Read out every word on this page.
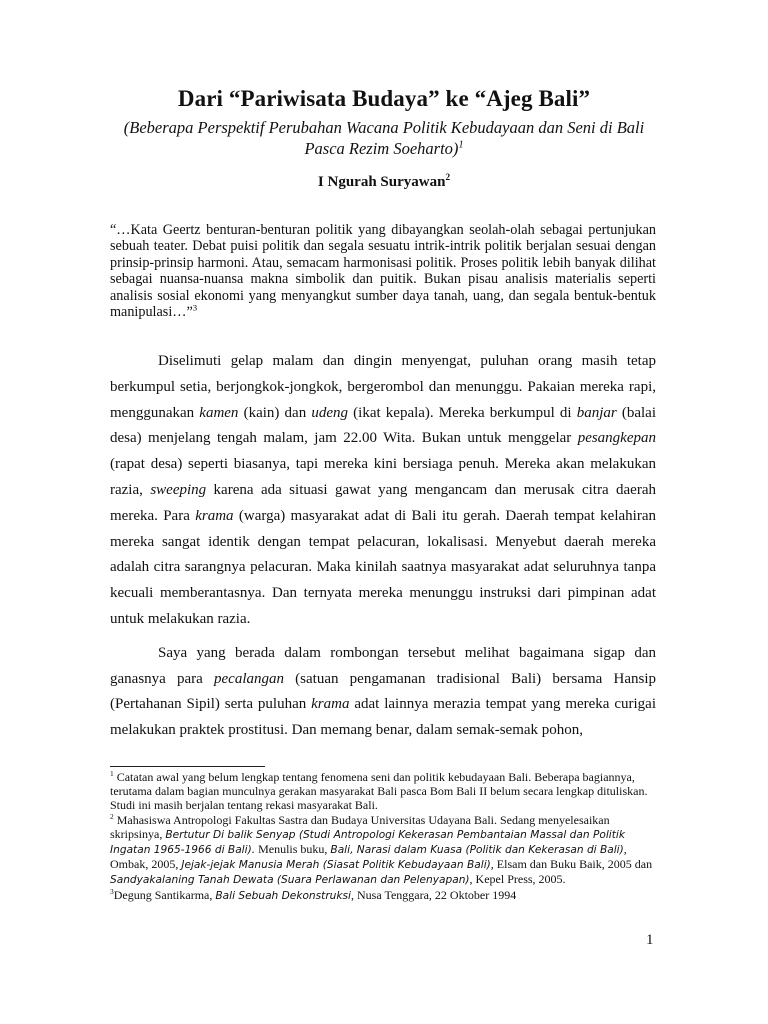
Dari “Pariwisata Budaya” ke “Ajeg Bali”

(Beberapa Perspektif Perubahan Wacana Politik Kebudayaan dan Seni di Bali Pasca Rezim Soeharto)$^1$

I Ngurah Suryawan$^2$

“…Kata Geertz benturan-benturan politik yang dibayangkan seolah-olah sebagai pertunjukan sebuah teater. Debat puisi politik dan segala sesuatu intrik-intrik politik berjalan sesuai dengan prinsip-prinsip harmoni. Atau, semacam harmonisasi politik. Proses politik lebih banyak dilihat sebagai nuansa-nuansa makna simbolik dan puitik. Bukan pisau analisis materialis seperti analisis sosial ekonomi yang menyangkut sumber daya tanah, uang, dan segala bentuk-bentuk manipulasi…”$^3$

Diselimuti gelap malam dan dingin menyengat, puluhan orang masih tetap berkumpul setia, berjongkok-jongkok, bergerombol dan menunggu. Pakaian mereka rapi, menggunakan kamen (kain) dan udeng (ikat kepala). Mereka berkumpul di banjar (balai desa) menjelang tengah malam, jam 22.00 Wita. Bukan untuk menggelar pesangkepan (rapat desa) seperti biasanya, tapi mereka kini bersiaga penuh. Mereka akan melakukan razia, sweeping karena ada situasi gawat yang mengancam dan merusak citra daerah mereka. Para krama (warga) masyarakat adat di Bali itu gerah. Daerah tempat kelahiran mereka sangat identik dengan tempat pelacuran, lokalisasi. Menyebut daerah mereka adalah citra sarangnya pelacuran. Maka kinilah saatnya masyarakat adat seluruhnya tanpa kecuali memberantasnya. Dan ternyata mereka menunggu instruksi dari pimpinan adat untuk melakukan razia.

Saya yang berada dalam rombongan tersebut melihat bagaimana sigap dan ganasnya para pecalangan (satuan pengamanan tradisional Bali) bersama Hansip (Pertahanan Sipil) serta puluhan krama adat lainnya merazia tempat yang mereka curigai melakukan praktek prostitusi. Dan memang benar, dalam semak-semak pohon,

$^1$ Catatan awal yang belum lengkap tentang fenomena seni dan politik kebudayaan Bali. Beberapa bagiannya, terutama dalam bagian munculnya gerakan masyarakat Bali pasca Bom Bali II belum secara lengkap dituliskan. Studi ini masih berjalan tentang rekasi masyarakat Bali.

$^2$ Mahasiswa Antropologi Fakultas Sastra dan Budaya Universitas Udayana Bali. Sedang menyelesaikan skripsinya, Bertutur Di balik Senyap (Studi Antropologi Kekerasan Pembantaian Massal dan Politik Ingatan 1965-1966 di Bali). Menulis buku, Bali, Narasi dalam Kuasa (Politik dan Kekerasan di Bali), Ombak, 2005, Jejak-jejak Manusia Merah (Siasat Politik Kebudayaan Bali), Elsam dan Buku Baik, 2005 dan Sandyakalaning Tanah Dewata (Suara Perlawanan dan Pelenyapan), Kepel Press, 2005.

$^3$Degung Santikarma, Bali Sebuah Dekonstruksi, Nusa Tenggara, 22 Oktober 1994

1
